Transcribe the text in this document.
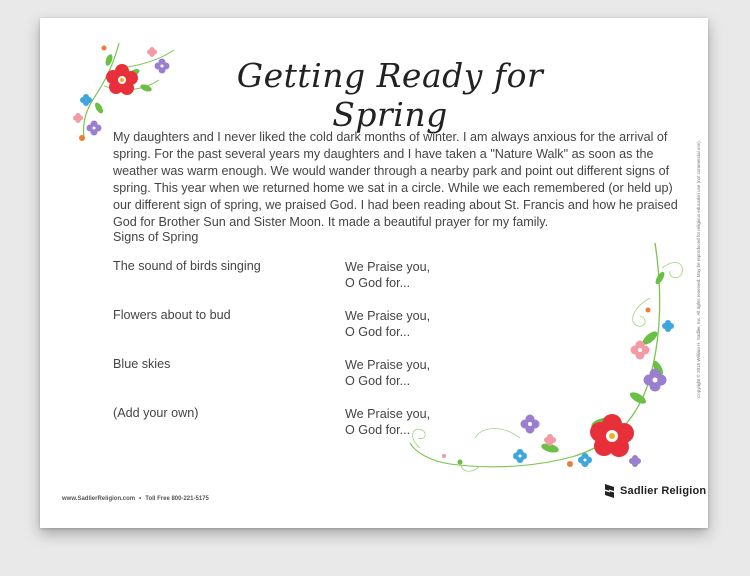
Getting Ready for Spring
My daughters and I never liked the cold dark months of winter. I am always anxious for the arrival of spring. For the past several years my daughters and I have taken a "Nature Walk" as soon as the weather was warm enough. We would wander through a nearby park and point out different signs of spring. This year when we returned home we sat in a circle. While we each remembered (or held up) our different sign of spring, we praised God. I had been reading about St. Francis and how he praised God for Brother Sun and Sister Moon. It made a beautiful prayer for my family.
Signs of Spring
The sound of birds singing	We Praise you,
O God for...
Flowers about to bud	We Praise you,
O God for...
Blue skies	We Praise you,
O God for...
(Add your own)	We Praise you,
O God for...
Copyright © 2015 William H. Sadlier, Inc. All rights reserved. May be reproduced for religious education use (not commercial use).
www.SadlierReligion.com • Toll Free 800-221-5175
Sadlier Religion
